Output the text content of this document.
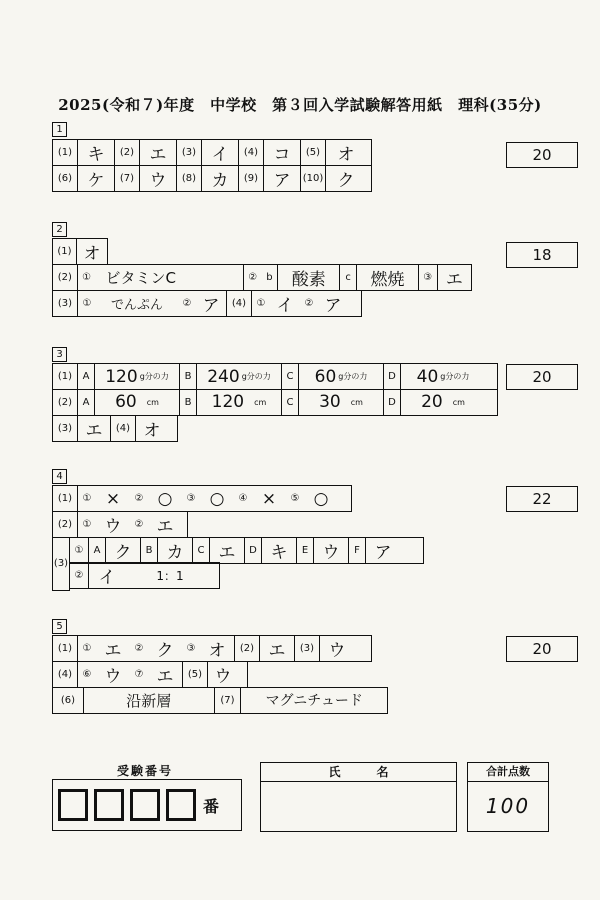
2025(令和７)年度　中学校　第３回入学試験解答用紙　理科(35分)
1
(1) キ	(2) エ	(3) イ	(4) コ	(5)	オ
(6) ケ	(7) ウ	(8) カ	(9) ア	(10) ク
20
2
(1) オ
(2)	① ビタミンC	② b	酸素	c	燃焼	③ エ
(3)	①	でんぷん	② ア	(4)	① イ	② ア
18
3
(1)	A 120 g分の力	B 240 g分の力	C	60 g分の力	D	40 g分の力
(2)	A	60 cm	B	120 cm	C	30 cm	D	20 cm
(3) エ	(4) オ
20
4
(1)	① ×	② ○	③ ○	④ ×	⑤ ○
(2)	① ウ	② エ
(3)
①	A ク	B カ	C エ	D キ	E ウ	F ア
② イ	1：1
22
5
(1)	① エ	② ク	③ オ	(2) エ	(3) ウ
(4)	⑥ ウ	⑦ エ	(5) ウ
(6)	沿新層	(7)	マグニチュード
20
受験番号
番
氏　　　名	合計点数
100
